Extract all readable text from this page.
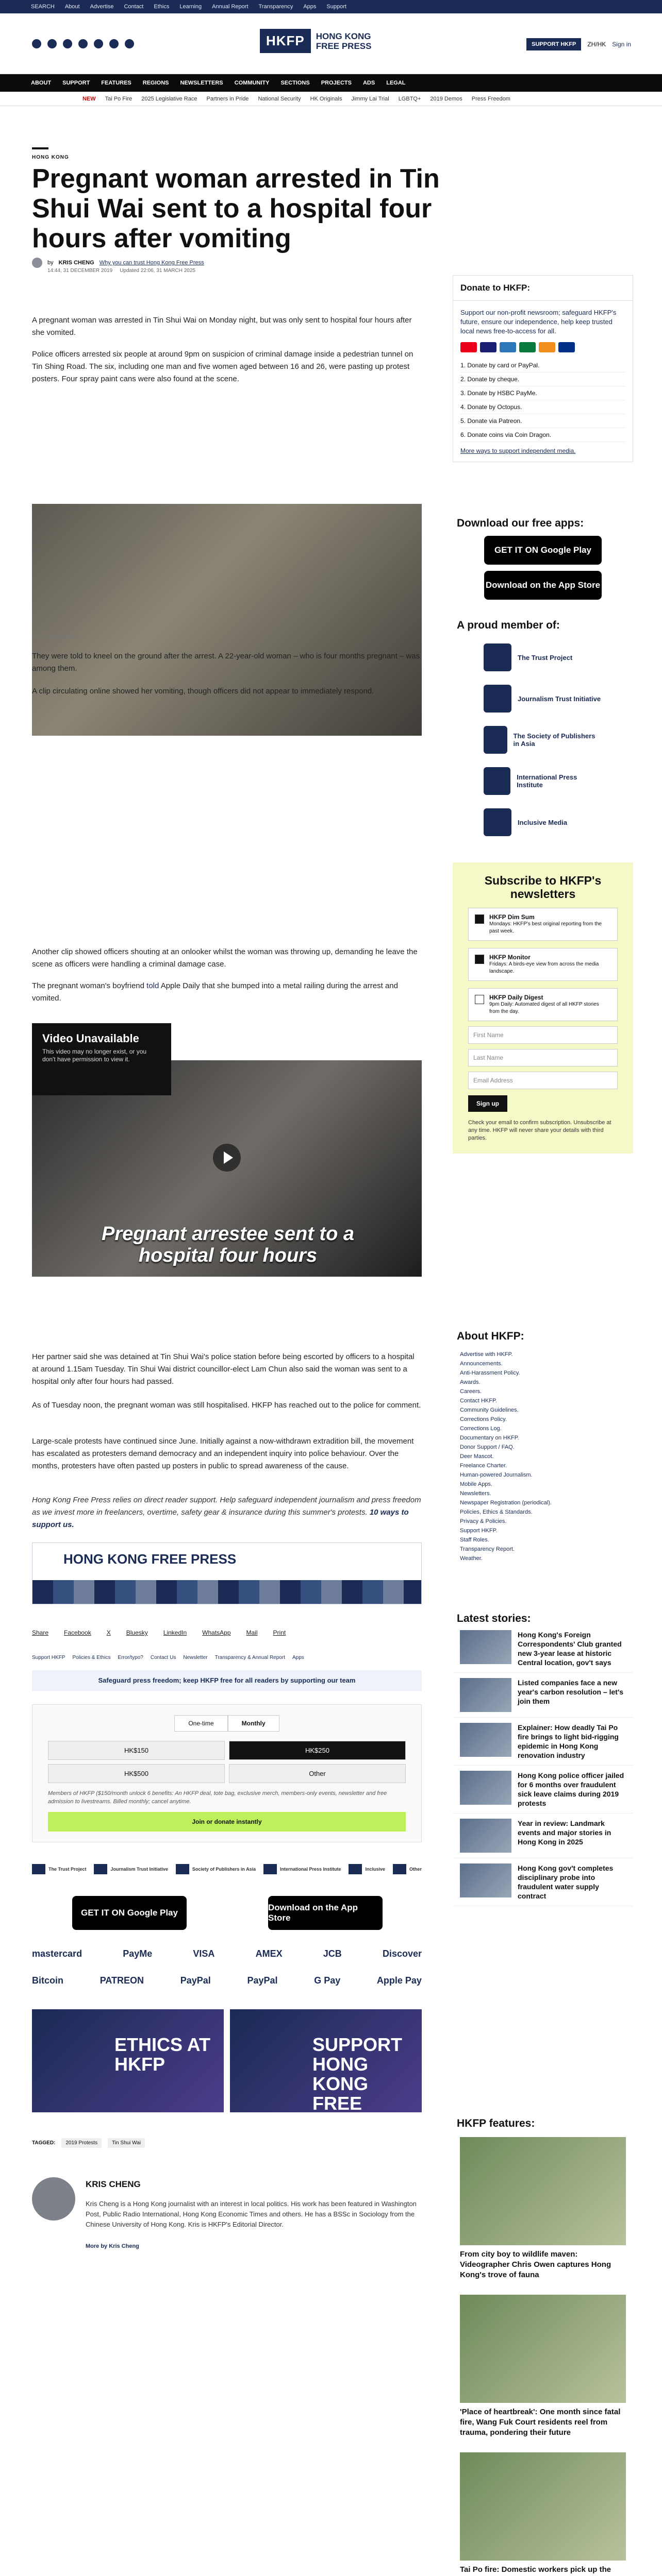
SEARCH About Advertise Contact Ethics Learning Annual Report Transparency Apps Support
HKFP	HONG KONG
FREE PRESS	SUPPORT HKFP	ZH/HK Sign in
ABOUT SUPPORT FEATURES REGIONS NEWSLETTERS COMMUNITY SECTIONS PROJECTS ADS LEGAL
NEW Tai Po Fire 2025 Legislative Race Partners in Pride National Security HK Originals Jimmy Lai Trial LGBTQ+ 2019 Demos Press Freedom
HONG KONG
Pregnant woman arrested in Tin Shui Wai sent to a hospital four hours after vomiting
by KRIS CHENG Why you can trust Hong Kong Free Press
14:44, 31 DECEMBER 2019 Updated 22:06, 31 MARCH 2025

A pregnant woman was arrested in Tin Shui Wai on Monday night, but was only sent to hospital four hours after she vomited.

Police officers arrested six people at around 9pm on suspicion of criminal damage inside a pedestrian tunnel on Tin Shing Road. The six, including one man and five women aged between 16 and 26, were pasting up protest posters. Four spray paint cans were also found at the scene.

Photo: Screenshot.

They were told to kneel on the ground after the arrest. A 22-year-old woman – who is four months pregnant – was among them.

A clip circulating online showed her vomiting, though officers did not appear to immediately respond.

Pregnant arrestee sent to a hospital four hours

Another clip showed officers shouting at an onlooker whilst the woman was throwing up, demanding he leave the scene as officers were handling a criminal damage case.

The pregnant woman's boyfriend told Apple Daily that she bumped into a metal railing during the arrest and vomited.

Video Unavailable
This video may no longer exist, or you don't have permission to view it.

Her partner said she was detained at Tin Shui Wai's police station before being escorted by officers to a hospital at around 1.15am Tuesday. Tin Shui Wai district councillor-elect Lam Chun also said the woman was sent to a hospital only after four hours had passed.

As of Tuesday noon, the pregnant woman was still hospitalised. HKFP has reached out to the police for comment.

Large-scale protests have continued since June. Initially against a now-withdrawn extradition bill, the movement has escalated as protesters demand democracy and an independent inquiry into police behaviour. Over the months, protesters have often pasted up posters in public to spread awareness of the cause.

Hong Kong Free Press relies on direct reader support. Help safeguard independent journalism and press freedom as we invest more in freelancers, overtime, safety gear & insurance during this summer's protests. 10 ways to support us.

HONG KONG FREE PRESS
Share	Facebook	X	Bluesky	LinkedIn	WhatsApp	Mail	Print
Support HKFP Policies & Ethics Error/typo? Contact Us Newsletter Transparency & Annual Report Apps
Safeguard press freedom; keep HKFP free for all readers by supporting our team
One-time	Monthly
HK$150	HK$250
HK$500	Other
Members of HKFP ($150/month unlock 6 benefits: An HKFP deal, tote bag, exclusive merch, members-only events, newsletter and free admission to livestreams. Billed monthly; cancel anytime.
Join or donate instantly
The Trust Project	Journalism Trust Initiative	Society of Publishers in Asia	International Press Institute	Inclusive	Other
GET IT ON Google Play
Download on the App Store
mastercard	PayMe	VISA	AMEX	JCB	Discover
Bitcoin	PATREON	PayPal	PayPal	G Pay	Apple Pay
ETHICS AT HKFP
SUPPORT HONG KONG FREE PRESS
TAGGED:	2019 Protests	Tin Shui Wai
KRIS CHENG
Kris Cheng is a Hong Kong journalist with an interest in local politics. His work has been featured in Washington Post, Public Radio International, Hong Kong Economic Times and others. He has a BSSc in Sociology from the Chinese University of Hong Kong. Kris is HKFP's Editorial Director.
More by Kris Cheng
Donate to HKFP:
Support our non-profit newsroom; safeguard HKFP's future, ensure our independence, help keep trusted local news free-to-access for all.
1. Donate by card or PayPal.
2. Donate by cheque.
3. Donate by HSBC PayMe.
4. Donate by Octopus.
5. Donate via Patreon.
6. Donate coins via Coin Dragon.
More ways to support independent media.
Download our free apps:
GET IT ON Google Play
Download on the App Store
A proud member of:
The Trust Project
Journalism Trust Initiative
The Society of Publishers in Asia
International Press Institute
Inclusive Media
Subscribe to HKFP's newsletters
HKFP Dim Sum
Mondays: HKFP's best original reporting from the past week.
HKFP Monitor
Fridays: A birds-eye view from across the media landscape.
HKFP Daily Digest
9pm Daily: Automated digest of all HKFP stories from the day.
First Name
Last Name
Email Address
Sign up
Check your email to confirm subscription. Unsubscribe at any time. HKFP will never share your details with third parties.
About HKFP:
Advertise with HKFP.
Announcements.
Anti-Harassment Policy.
Awards.
Careers.
Contact HKFP.
Community Guidelines.
Corrections Policy.
Corrections Log.
Documentary on HKFP.
Donor Support / FAQ.
Deer Mascot.
Freelance Charter.
Human-powered Journalism.
Mobile Apps.
Newsletters.
Newspaper Registration (periodical).
Policies, Ethics & Standards.
Privacy & Policies.
Support HKFP.
Staff Roles.
Transparency Report.
Weather.
Latest stories:
Hong Kong's Foreign Correspondents' Club granted new 3-year lease at historic Central location, gov't says
Listed companies face a new year's carbon resolution – let's join them
Explainer: How deadly Tai Po fire brings to light bid-rigging epidemic in Hong Kong renovation industry
Hong Kong police officer jailed for 6 months over fraudulent sick leave claims during 2019 protests
Year in review: Landmark events and major stories in Hong Kong in 2025
Hong Kong gov't completes disciplinary probe into fraudulent water supply contract
HKFP features:
From city boy to wildlife maven: Videographer Chris Owen captures Hong Kong's trove of fauna
'Place of heartbreak': One month since fatal fire, Wang Fuk Court residents reel from trauma, pondering their future
Tai Po fire: Domestic workers pick up the
